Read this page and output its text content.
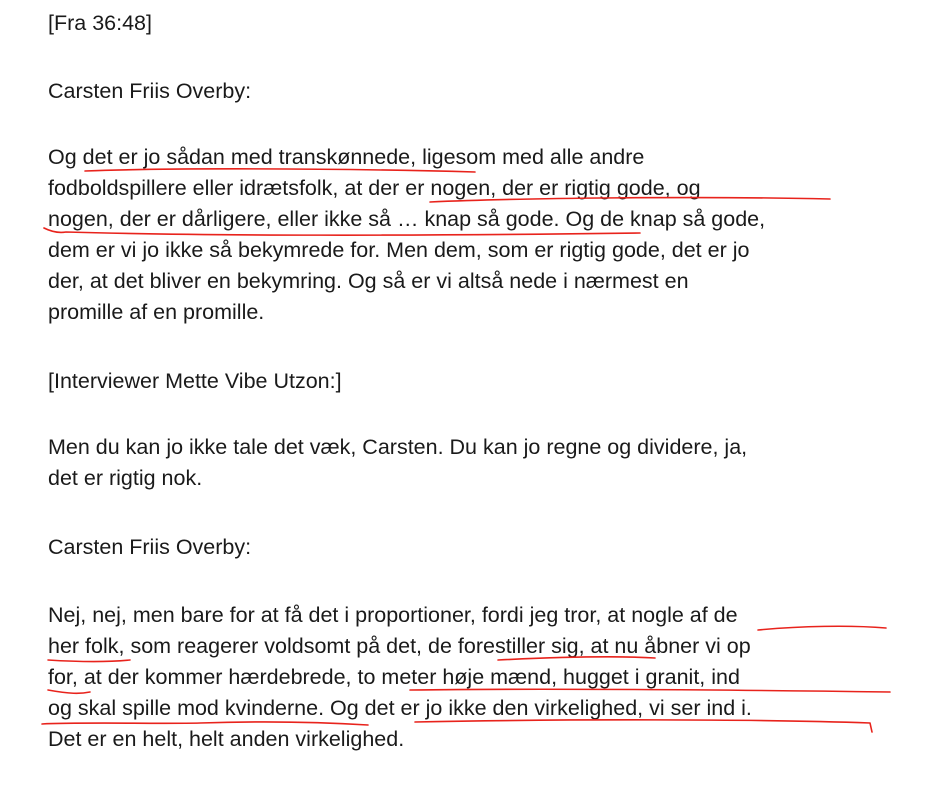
[Fra 36:48]
Carsten Friis Overby:
Og det er jo sådan med transkønnede, ligesom med alle andre
fodboldspillere eller idrætsfolk, at der er nogen, der er rigtig gode, og
nogen, der er dårligere, eller ikke så … knap så gode. Og de knap så gode,
dem er vi jo ikke så bekymrede for. Men dem, som er rigtig gode, det er jo
der, at det bliver en bekymring. Og så er vi altså nede i nærmest en
promille af en promille.
[Interviewer Mette Vibe Utzon:]
Men du kan jo ikke tale det væk, Carsten. Du kan jo regne og dividere, ja,
det er rigtig nok.
Carsten Friis Overby:
Nej, nej, men bare for at få det i proportioner, fordi jeg tror, at nogle af de
her folk, som reagerer voldsomt på det, de forestiller sig, at nu åbner vi op
for, at der kommer hærdebrede, to meter høje mænd, hugget i granit, ind
og skal spille mod kvinderne. Og det er jo ikke den virkelighed, vi ser ind i.
Det er en helt, helt anden virkelighed.
